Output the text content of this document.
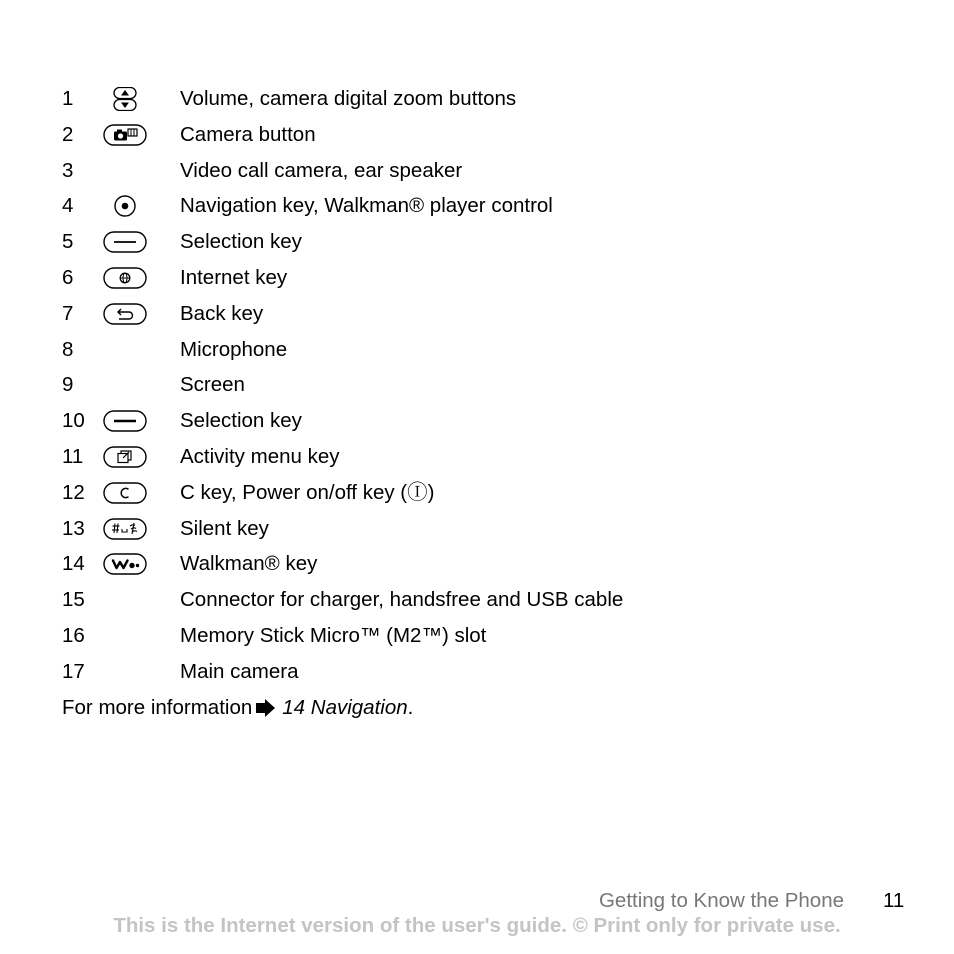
1	Volume, camera digital zoom buttons
2	Camera button
3	Video call camera, ear speaker
4	Navigation key, Walkman® player control
5	Selection key
6	Internet key
7	Back key
8	Microphone
9	Screen
10	Selection key
11	Activity menu key
12	C key, Power on/off key (Ⓘ)
13	Silent key
14	Walkman® key
15	Connector for charger, handsfree and USB cable
16	Memory Stick Micro™ (M2™) slot
17	Main camera
For more information 14 Navigation.
Getting to Know the Phone 11
This is the Internet version of the user's guide. © Print only for private use.
